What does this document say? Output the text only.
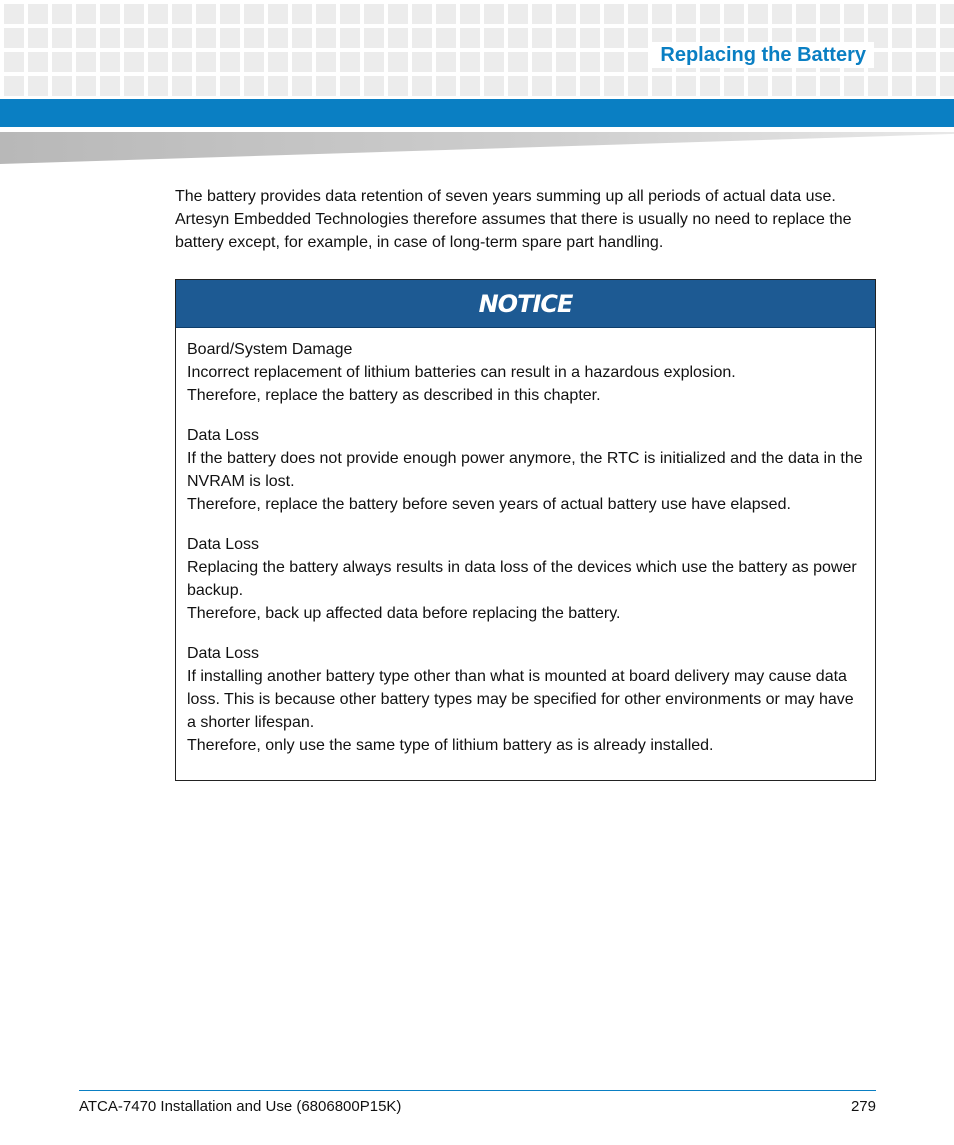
Replacing the Battery

The battery provides data retention of seven years summing up all periods of actual data use. Artesyn Embedded Technologies therefore assumes that there is usually no need to replace the battery except, for example, in case of long-term spare part handling.

NOTICE
Board/System Damage
Incorrect replacement of lithium batteries can result in a hazardous explosion.
Therefore, replace the battery as described in this chapter.
Data Loss
If the battery does not provide enough power anymore, the RTC is initialized and the data in the NVRAM is lost.
Therefore, replace the battery before seven years of actual battery use have elapsed.
Data Loss
Replacing the battery always results in data loss of the devices which use the battery as power backup.
Therefore, back up affected data before replacing the battery.
Data Loss
If installing another battery type other than what is mounted at board delivery may cause data loss. This is because other battery types may be specified for other environments or may have a shorter lifespan.
Therefore, only use the same type of lithium battery as is already installed.
ATCA-7470 Installation and Use (6806800P15K)	279
